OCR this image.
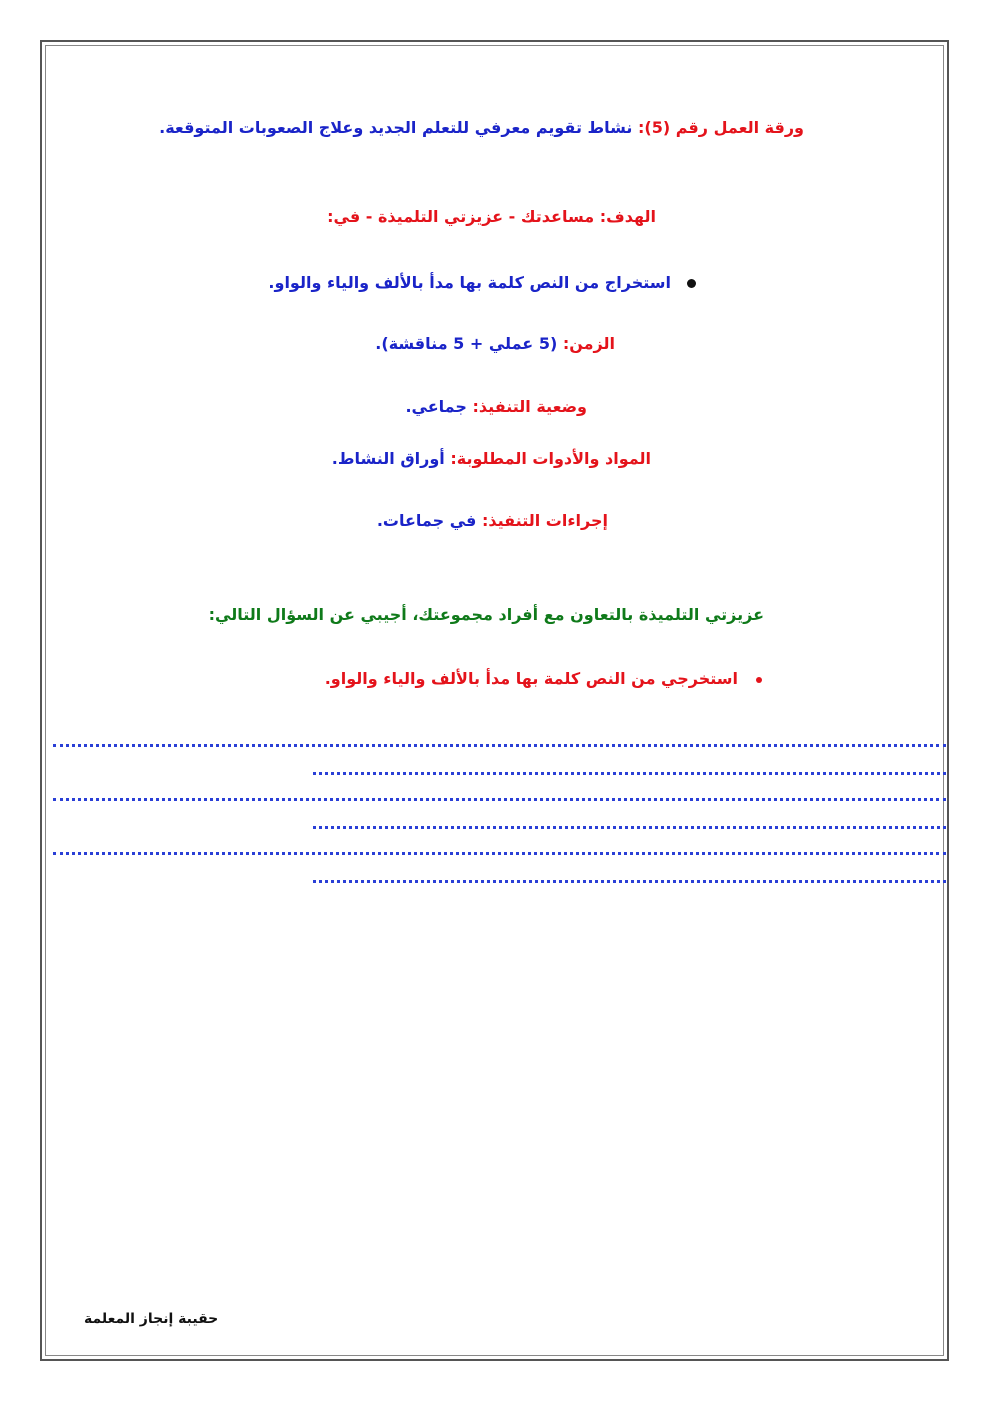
ورقة العمل رقم (5): نشاط تقويم معرفي للتعلم الجديد وعلاج الصعوبات المتوقعة.
الهدف: مساعدتك - عزيزتي التلميذة - في:
استخراج من النص كلمة بها مدأ بالألف والياء والواو.
الزمن: (5 عملي + 5 مناقشة).
وضعية التنفيذ: جماعي.
المواد والأدوات المطلوبة: أوراق النشاط.
إجراءات التنفيذ: في جماعات.
عزيزتي التلميذة بالتعاون مع أفراد مجموعتك، أجيبي عن السؤال التالي:
استخرجي من النص كلمة بها مدأ بالألف والياء والواو.
حقيبة إنجاز المعلمة
